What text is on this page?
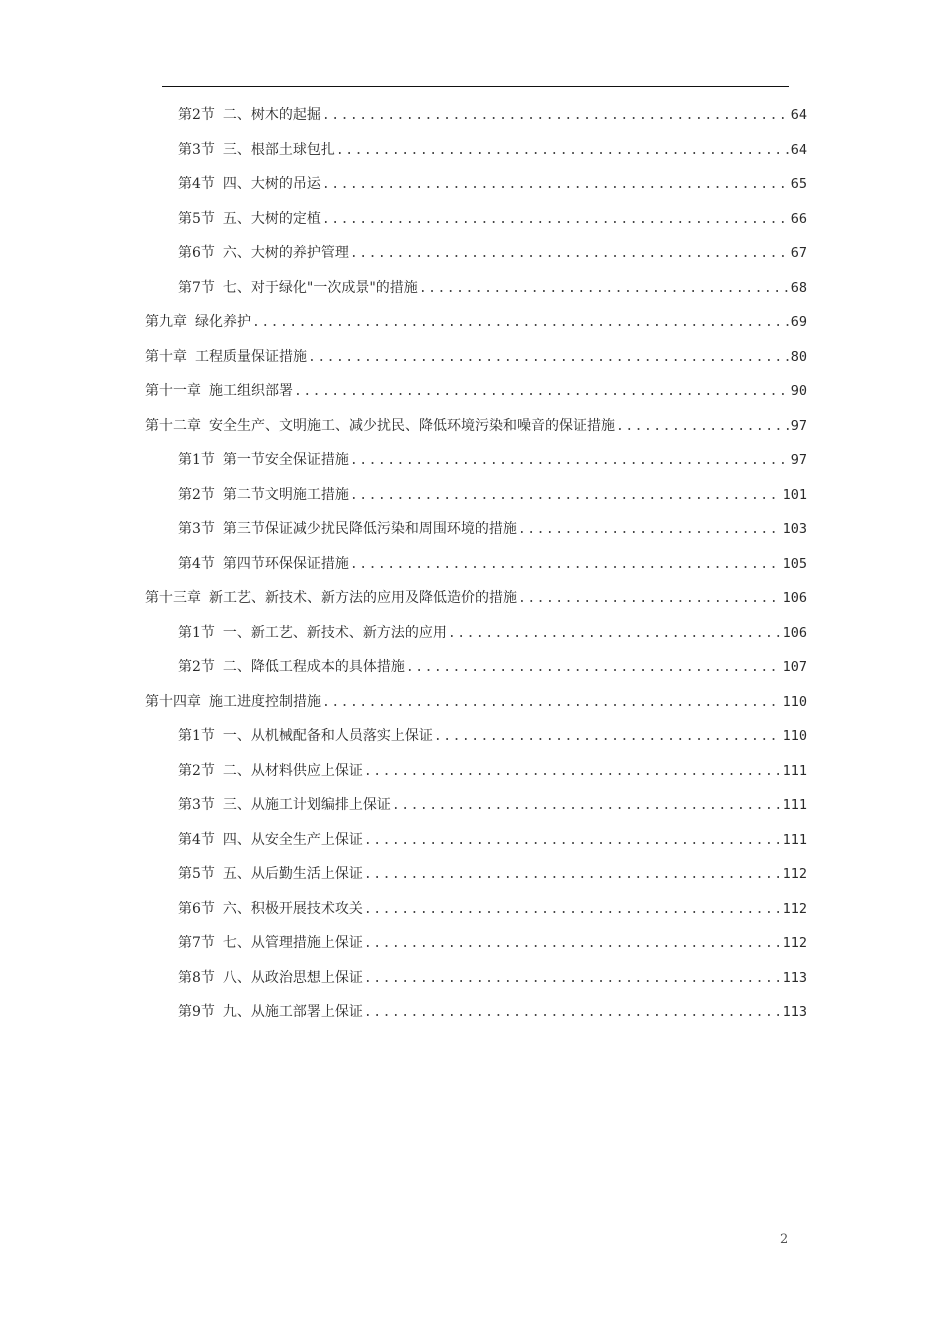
第2节 二、树木的起掘 .....	64
第3节 三、根部土球包扎 .....	64
第4节 四、大树的吊运 .....	65
第5节 五、大树的定植 .....	66
第6节 六、大树的养护管理 .....	67
第7节 七、对于绿化"一次成景"的措施 .....	68
第九章 绿化养护 .....	69
第十章 工程质量保证措施 .....	80
第十一章 施工组织部署 .....	90
第十二章 安全生产、文明施工、减少扰民、降低环境污染和噪音的保证措施 .....	97
第1节 第一节安全保证措施 .....	97
第2节 第二节文明施工措施 .....	101
第3节 第三节保证减少扰民降低污染和周围环境的措施 .....	103
第4节 第四节环保保证措施 .....	105
第十三章 新工艺、新技术、新方法的应用及降低造价的措施 .....	106
第1节 一、新工艺、新技术、新方法的应用 .....	106
第2节 二、降低工程成本的具体措施 .....	107
第十四章 施工进度控制措施 .....	110
第1节 一、从机械配备和人员落实上保证 .....	110
第2节 二、从材料供应上保证 .....	111
第3节 三、从施工计划编排上保证 .....	111
第4节 四、从安全生产上保证 .....	111
第5节 五、从后勤生活上保证 .....	112
第6节 六、积极开展技术攻关 .....	112
第7节 七、从管理措施上保证 .....	112
第8节 八、从政治思想上保证 .....	113
第9节 九、从施工部署上保证 .....	113
2
